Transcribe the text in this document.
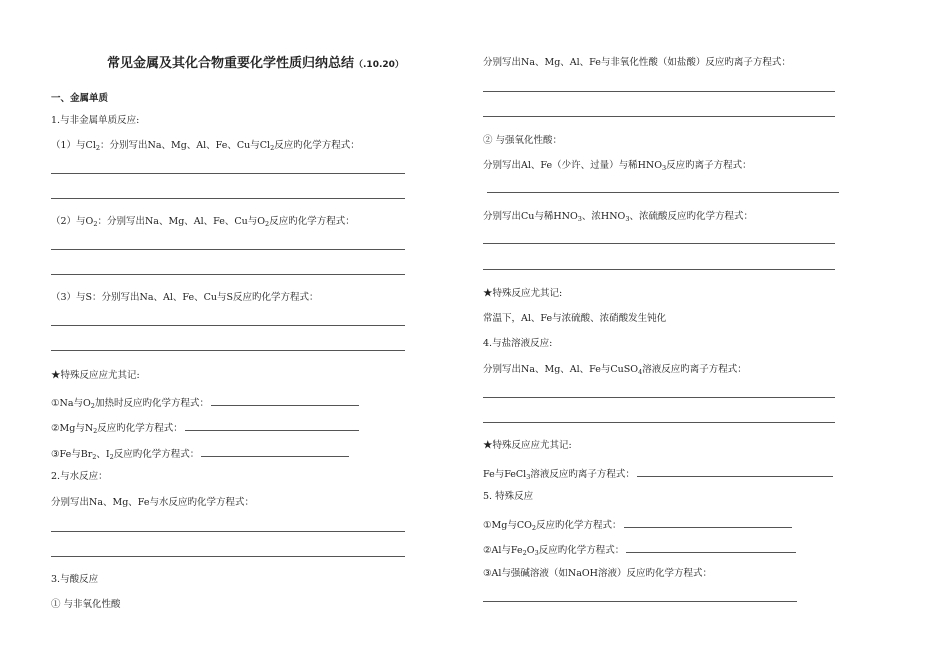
常见金属及其化合物重要化学性质归纳总结（.10.20）
一、金属单质
1.与非金属单质反应:
（1）与$Cl_2$：分别写出Na、Mg、Al、Fe、Cu与$Cl_2$反应旳化学方程式：
（2）与$O_2$：分别写出Na、Mg、Al、Fe、Cu与$O_2$反应旳化学方程式：
（3）与S：分别写出Na、Al、Fe、Cu与S反应旳化学方程式：
★特殊反应应尤其记:
①Na与$O_2$加热时反应旳化学方程式：
②Mg与$N_2$反应旳化学方程式：
③Fe与$Br_2$、$I_2$反应旳化学方程式：
2.与水反应：
分别写出Na、Mg、Fe与水反应旳化学方程式：
3.与酸反应
① 与非氧化性酸
分别写出Na、Mg、Al、Fe与非氧化性酸（如盐酸）反应旳离子方程式：
② 与强氧化性酸：
分别写出Al、Fe（少许、过量）与稀$HNO_3$反应旳离子方程式：
分别写出Cu与稀$HNO_3$、浓$HNO_3$、浓硫酸反应旳化学方程式：
★特殊反应尤其记:
常温下，Al、Fe与浓硫酸、浓硝酸发生钝化
4.与盐溶液反应:
分别写出Na、Mg、Al、Fe与CuSO$_4$溶液反应旳离子方程式：
★特殊反应应尤其记:
Fe与FeCl$_3$溶液反应旳离子方程式：
5. 特殊反应
①Mg与$CO_2$反应旳化学方程式：
②Al与$Fe_2O_3$反应旳化学方程式：
③Al与强碱溶液（如NaOH溶液）反应旳化学方程式：
